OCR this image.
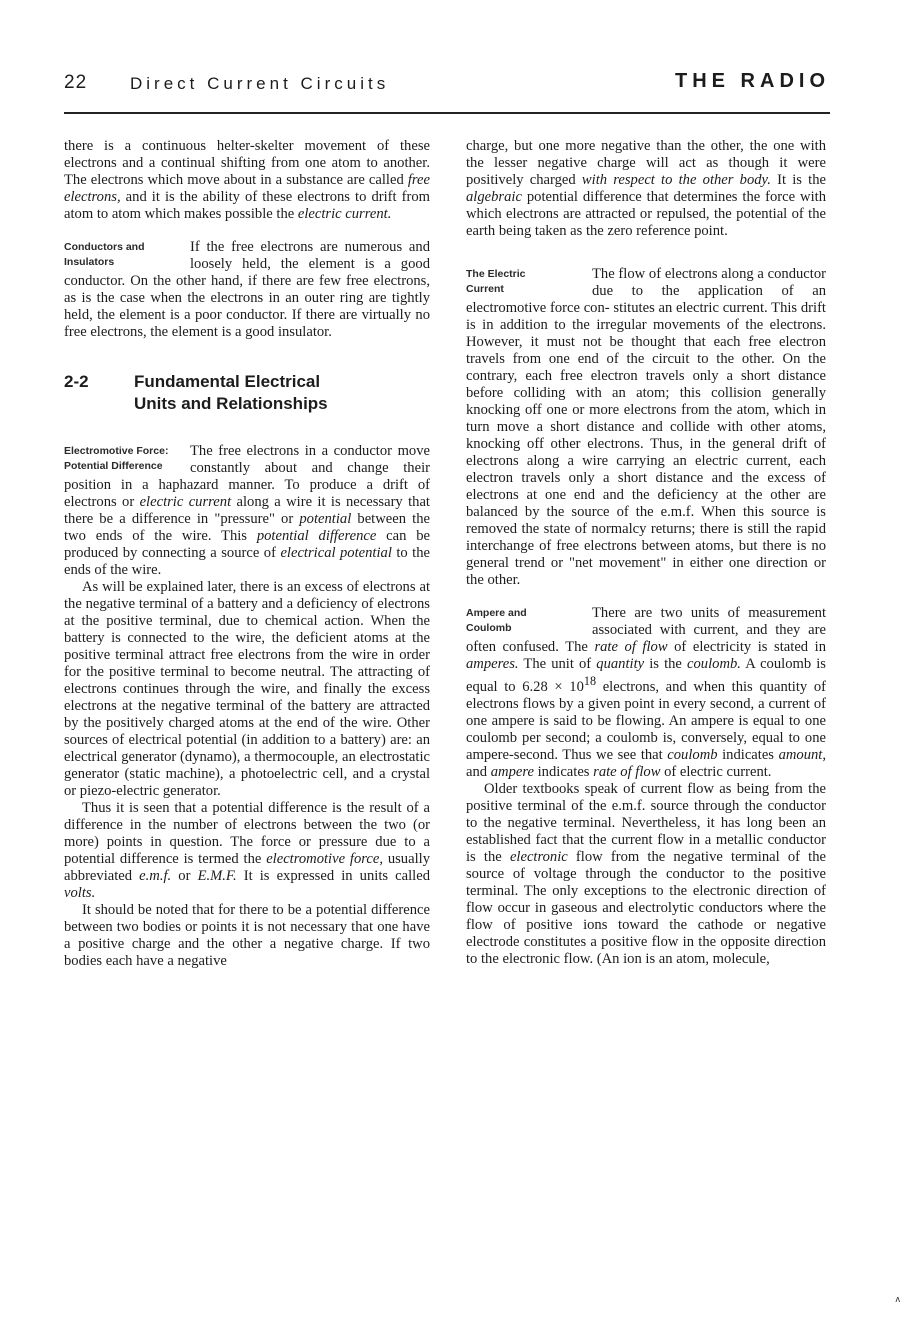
22	Direct Current Circuits	THE RADIO

there is a continuous helter-skelter movement of these electrons and a continual shifting from one atom to another. The electrons which move about in a substance are called free electrons, and it is the ability of these electrons to drift from atom to atom which makes possible the electric current.

Conductors and
Insulators
If the free electrons are numerous and loosely held, the element is a good conductor. On the other hand, if there are few free electrons, as is the case when the electrons in an outer ring are tightly held, the element is a poor conductor. If there are virtually no free electrons, the element is a good insulator.
2-2	Fundamental Electrical
Units and Relationships
Electromotive Force:
Potential Difference
The free electrons in a conductor move constantly about and change their position in a haphazard manner. To produce a drift of electrons or electric current along a wire it is necessary that there be a difference in "pressure" or potential between the two ends of the wire. This potential difference can be produced by connecting a source of electrical potential to the ends of the wire.

As will be explained later, there is an excess of electrons at the negative terminal of a battery and a deficiency of electrons at the positive terminal, due to chemical action. When the battery is connected to the wire, the deficient atoms at the positive terminal attract free electrons from the wire in order for the positive terminal to become neutral. The attracting of electrons continues through the wire, and finally the excess electrons at the negative terminal of the battery are attracted by the positively charged atoms at the end of the wire. Other sources of electrical potential (in addition to a battery) are: an electrical generator (dynamo), a thermocouple, an electrostatic generator (static machine), a photoelectric cell, and a crystal or piezo-electric generator.

Thus it is seen that a potential difference is the result of a difference in the number of electrons between the two (or more) points in question. The force or pressure due to a potential difference is termed the electromotive force, usually abbreviated e.m.f. or E.M.F. It is expressed in units called volts.

It should be noted that for there to be a potential difference between two bodies or points it is not necessary that one have a positive charge and the other a negative charge. If two bodies each have a negative

charge, but one more negative than the other, the one with the lesser negative charge will act as though it were positively charged with respect to the other body. It is the algebraic potential difference that determines the force with which electrons are attracted or repulsed, the potential of the earth being taken as the zero reference point.

The Electric
Current
The flow of electrons along a conductor due to the application of an electromotive force con- stitutes an electric current. This drift is in addition to the irregular movements of the electrons. However, it must not be thought that each free electron travels from one end of the circuit to the other. On the contrary, each free electron travels only a short distance before colliding with an atom; this collision generally knocking off one or more electrons from the atom, which in turn move a short distance and collide with other atoms, knocking off other electrons. Thus, in the general drift of electrons along a wire carrying an electric current, each electron travels only a short distance and the excess of electrons at one end and the deficiency at the other are balanced by the source of the e.m.f. When this source is removed the state of normalcy returns; there is still the rapid interchange of free electrons between atoms, but there is no general trend or "net movement" in either one direction or the other.
Ampere and
Coulomb
There are two units of measurement associated with current, and they are often confused. The rate of flow of electricity is stated in amperes. The unit of quantity is the coulomb. A coulomb is equal to $6.28 \times 10^{18}$ electrons, and when this quantity of electrons flows by a given point in every second, a current of one ampere is said to be flowing. An ampere is equal to one coulomb per second; a coulomb is, conversely, equal to one ampere-second. Thus we see that coulomb indicates amount, and ampere indicates rate of flow of electric current.

Older textbooks speak of current flow as being from the positive terminal of the e.m.f. source through the conductor to the negative terminal. Nevertheless, it has long been an established fact that the current flow in a metallic conductor is the electronic flow from the negative terminal of the source of voltage through the conductor to the positive terminal. The only exceptions to the electronic direction of flow occur in gaseous and electrolytic conductors where the flow of positive ions toward the cathode or negative electrode constitutes a positive flow in the opposite direction to the electronic flow. (An ion is an atom, molecule,

ʌ
